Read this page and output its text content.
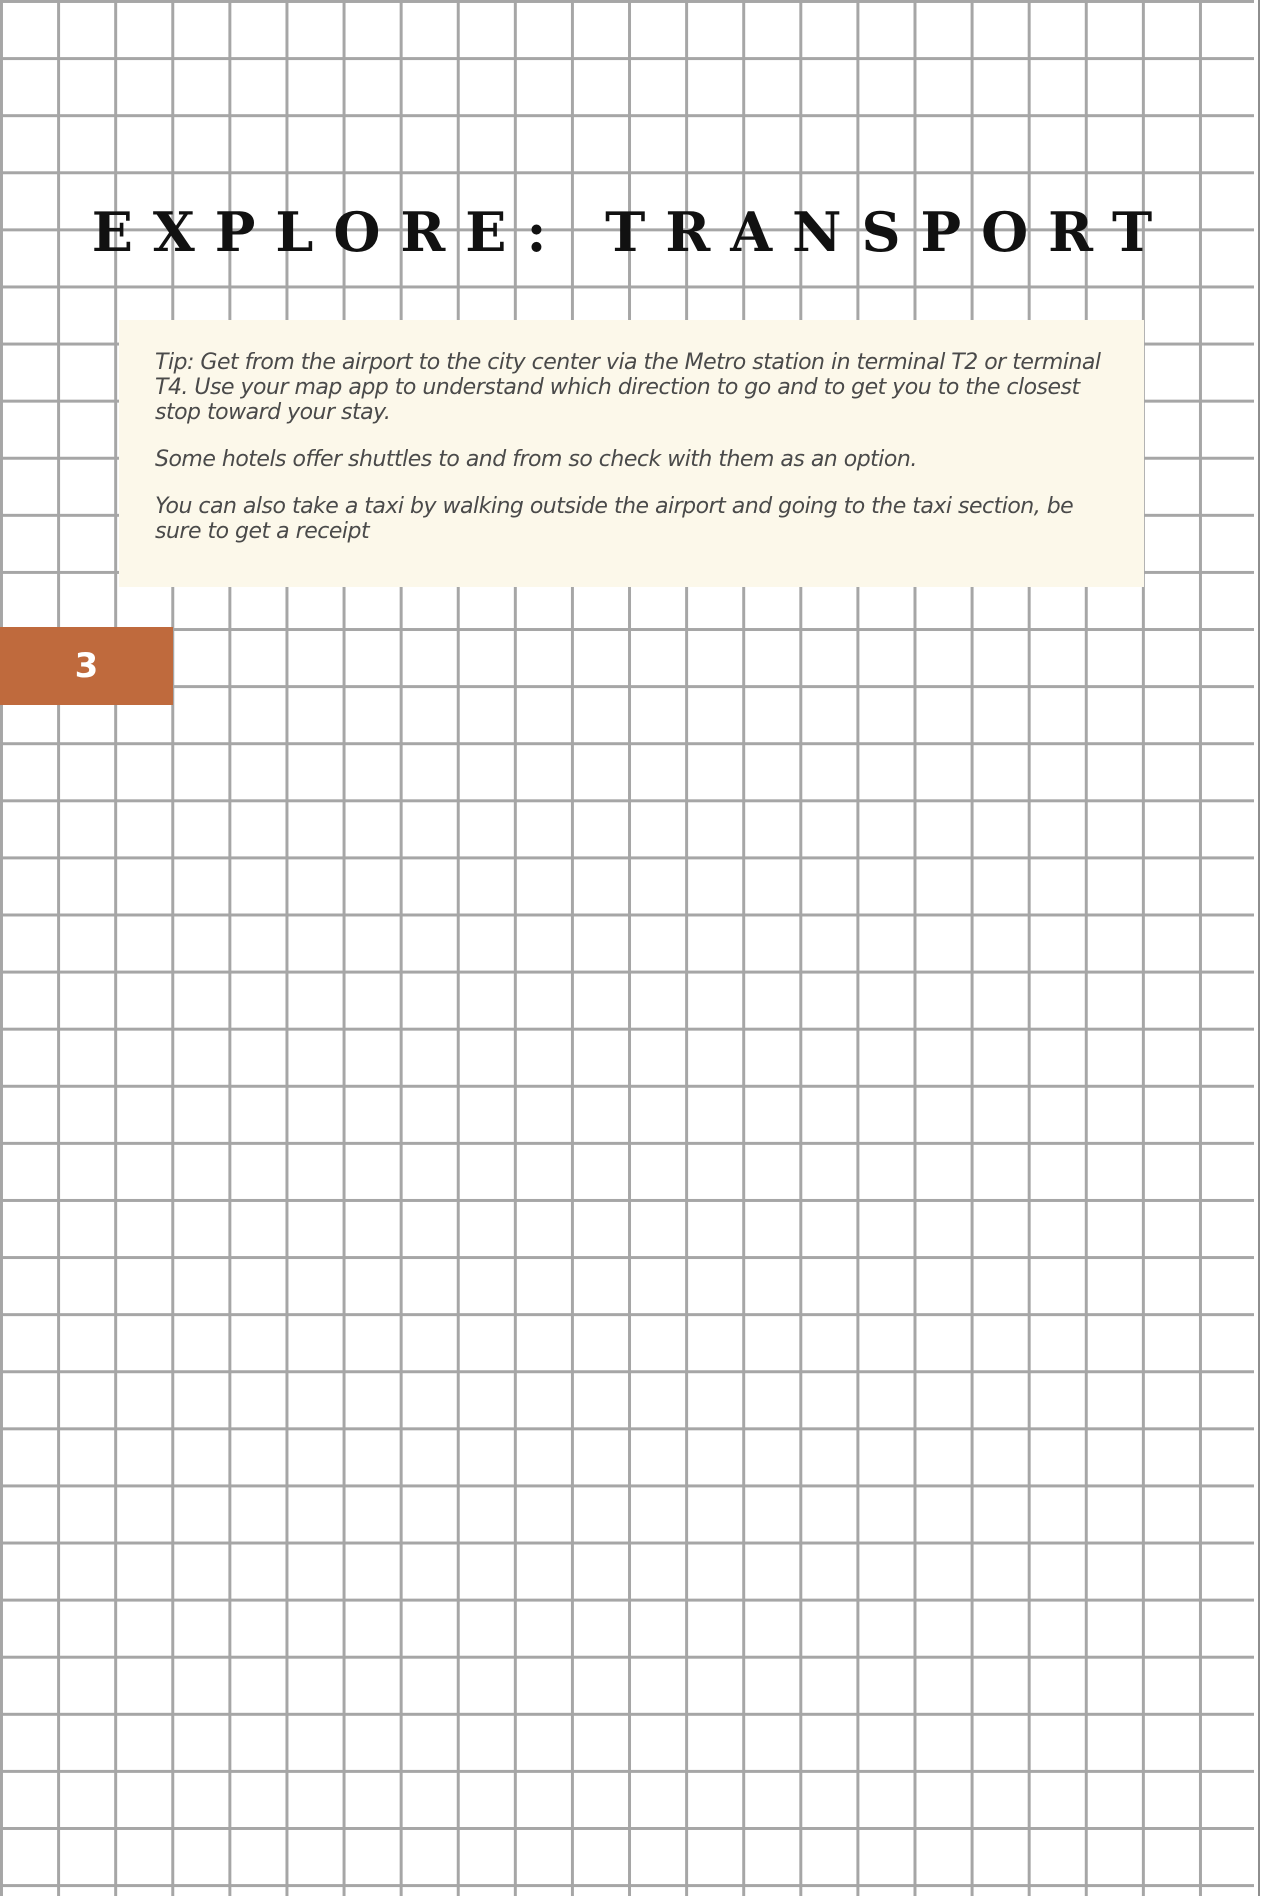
EXPLORE: TRANSPORT

Tip: Get from the airport to the city center via the Metro station in terminal T2 or terminal T4. Use your map app to understand which direction to go and to get you to the closest stop toward your stay.

Some hotels offer shuttles to and from so check with them as an option.

You can also take a taxi by walking outside the airport and going to the taxi section, be sure to get a receipt

3
